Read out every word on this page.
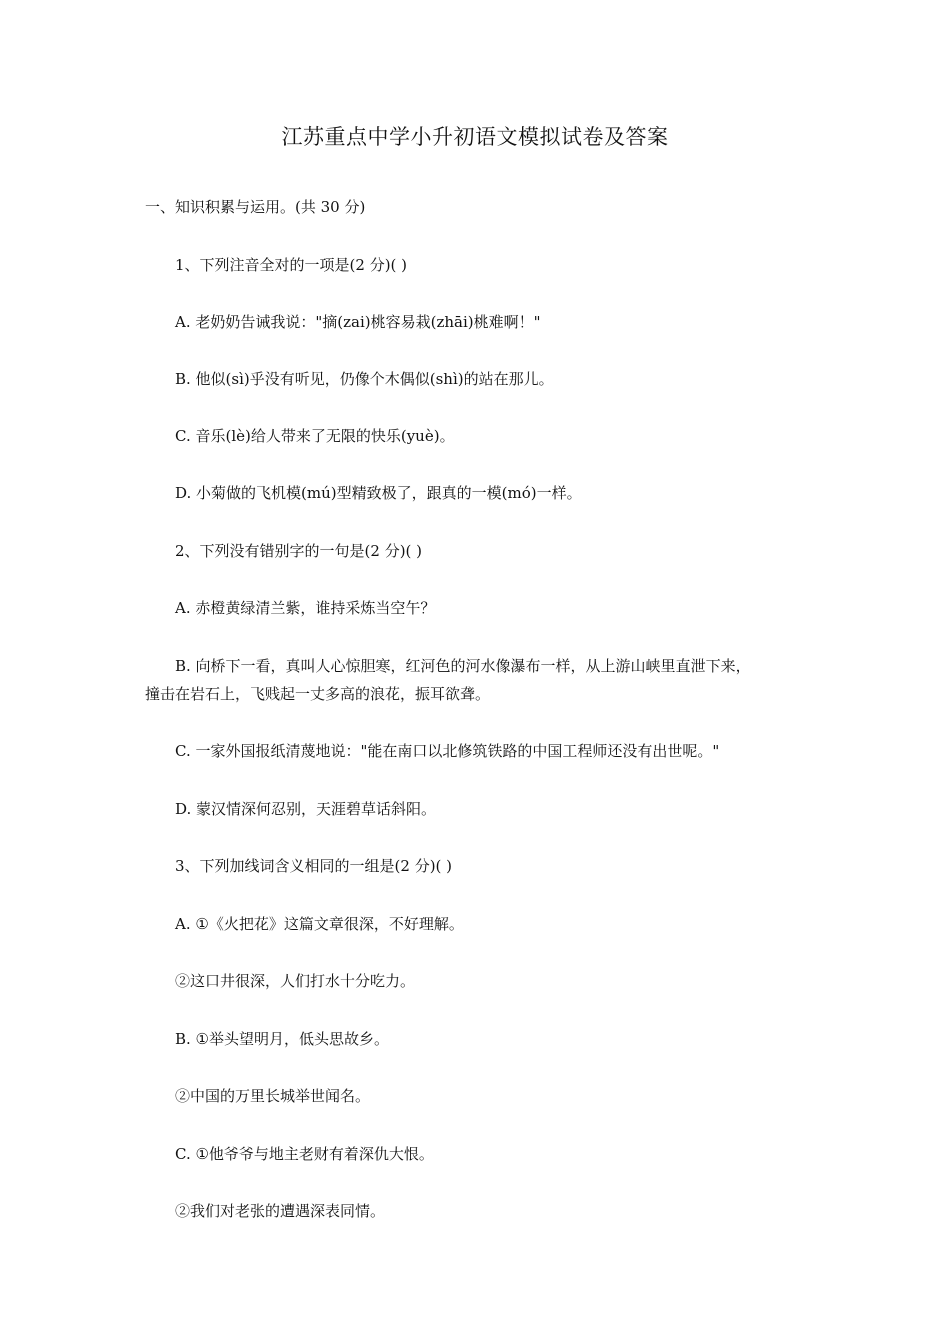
江苏重点中学小升初语文模拟试卷及答案
一、知识积累与运用。(共 30 分)
1、下列注音全对的一项是(2 分)( )
A. 老奶奶告诫我说："摘(zai)桃容易栽(zhāi)桃难啊！"
B. 他似(sì)乎没有听见，仍像个木偶似(shì)的站在那儿。
C. 音乐(lè)给人带来了无限的快乐(yuè)。
D. 小菊做的飞机模(mú)型精致极了，跟真的一模(mó)一样。
2、下列没有错别字的一句是(2 分)( )
A. 赤橙黄绿清兰紫，谁持采炼当空午？
B. 向桥下一看，真叫人心惊胆寒，红河色的河水像瀑布一样，从上游山峡里直泄下来，
撞击在岩石上，飞贱起一丈多高的浪花，振耳欲聋。
C. 一家外国报纸清蔑地说："能在南口以北修筑铁路的中国工程师还没有出世呢。"
D. 蒙汉情深何忍别，天涯碧草话斜阳。
3、下列加线词含义相同的一组是(2 分)( )
A. ①《火把花》这篇文章很深，不好理解。
②这口井很深，人们打水十分吃力。
B. ①举头望明月，低头思故乡。
②中国的万里长城举世闻名。
C. ①他爷爷与地主老财有着深仇大恨。
②我们对老张的遭遇深表同情。
